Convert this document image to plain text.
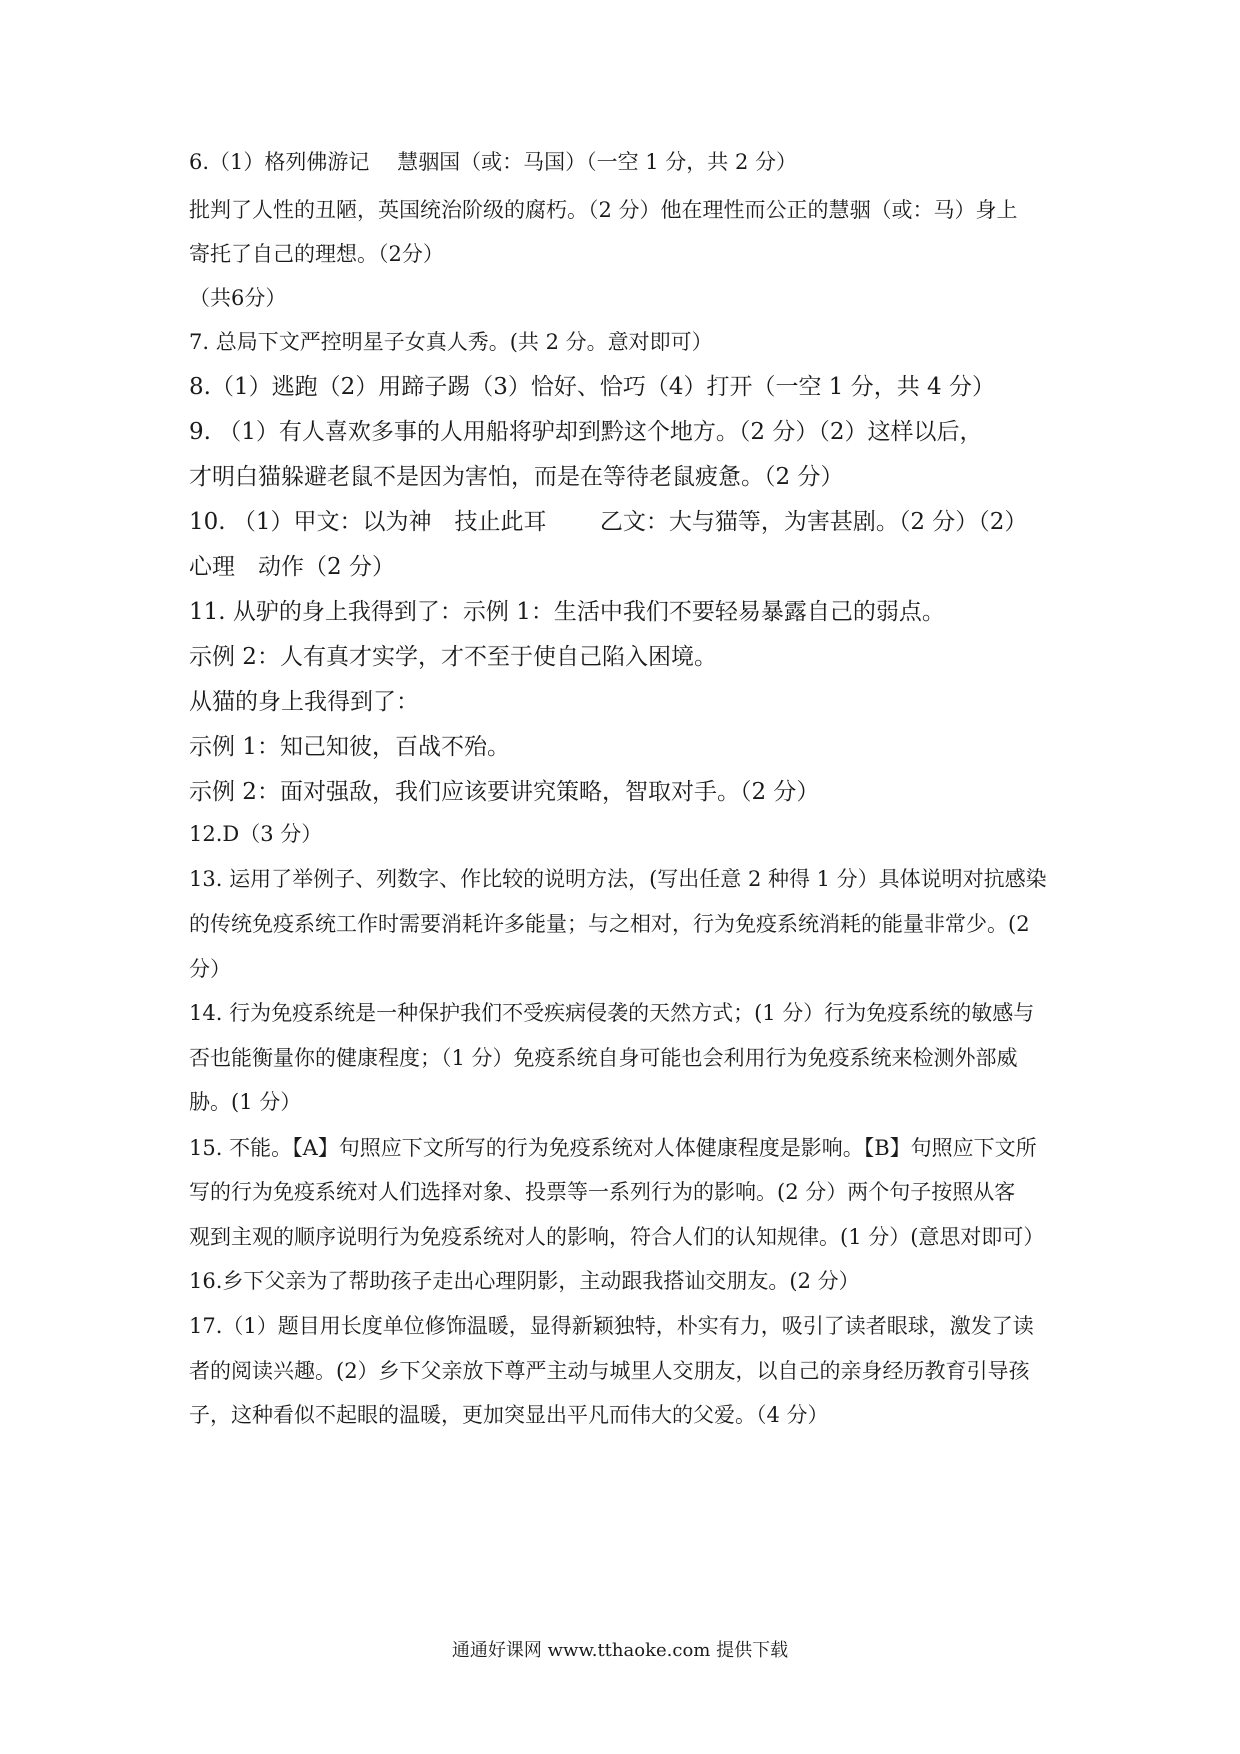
6.（1）格列佛游记　 慧骃国（或：马国）（一空 1 分，共 2 分）
批判了人性的丑陋，英国统治阶级的腐朽。（2 分）他在理性而公正的慧骃（或：马）身上
寄托了自己的理想。（2分）
（共6分）
7. 总局下文严控明星子女真人秀。(共 2 分。意对即可）
8.（1）逃跑（2）用蹄子踢（3）恰好、恰巧（4）打开（一空 1 分，共 4 分）
9. （1）有人喜欢多事的人用船将驴却到黔这个地方。（2 分）（2）这样以后，
才明白猫躲避老鼠不是因为害怕，而是在等待老鼠疲惫。（2 分）
10. （1）甲文：以为神　技止此耳　　 乙文：大与猫等，为害甚剧。（2 分）（2）
心理　动作（2 分）
11. 从驴的身上我得到了：示例 1：生活中我们不要轻易暴露自己的弱点。
示例 2：人有真才实学，才不至于使自己陷入困境。
从猫的身上我得到了：
示例 1：知己知彼，百战不殆。
示例 2：面对强敌，我们应该要讲究策略，智取对手。（2 分）
12.D（3 分）
13. 运用了举例子、列数字、作比较的说明方法，(写出任意 2 种得 1 分）具体说明对抗感染
的传统免疫系统工作时需要消耗许多能量；与之相对，行为免疫系统消耗的能量非常少。(2
分）
14. 行为免疫系统是一种保护我们不受疾病侵袭的天然方式；(1 分）行为免疫系统的敏感与
否也能衡量你的健康程度；（1 分）免疫系统自身可能也会利用行为免疫系统来检测外部威
胁。(1 分）
15. 不能。【A】句照应下文所写的行为免疫系统对人体健康程度是影响。【B】句照应下文所
写的行为免疫系统对人们选择对象、投票等一系列行为的影响。(2 分）两个句子按照从客
观到主观的顺序说明行为免疫系统对人的影响，符合人们的认知规律。(1 分）(意思对即可）
16.乡下父亲为了帮助孩子走出心理阴影，主动跟我搭讪交朋友。(2 分）
17.（1）题目用长度单位修饰温暖，显得新颖独特，朴实有力，吸引了读者眼球，激发了读
者的阅读兴趣。(2）乡下父亲放下尊严主动与城里人交朋友，以自己的亲身经历教育引导孩
子，这种看似不起眼的温暖，更加突显出平凡而伟大的父爱。（4 分）
通通好课网 www.tthaoke.com 提供下载
